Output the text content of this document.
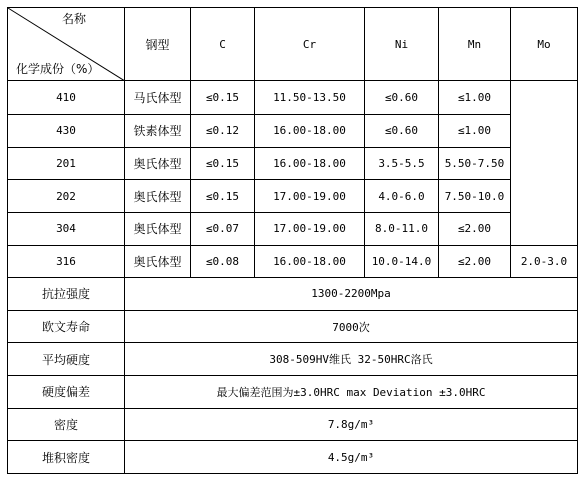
名称
化学成份（%）	钢型	C	Cr	Ni	Mn	Mo
410	马氏体型	≤0.15	11.50-13.50	≤0.60	≤1.00	
430	铁素体型	≤0.12	16.00-18.00	≤0.60	≤1.00	
201	奥氏体型	≤0.15	16.00-18.00	3.5-5.5	5.50-7.50	
202	奥氏体型	≤0.15	17.00-19.00	4.0-6.0	7.50-10.0	
304	奥氏体型	≤0.07	17.00-19.00	8.0-11.0	≤2.00	
316	奥氏体型	≤0.08	16.00-18.00	10.0-14.0	≤2.00	2.0-3.0
抗拉强度	1300-2200Mpa					
欧文寿命	7000次					
平均硬度	308-509HV维氏 32-50HRC洛氏					
硬度偏差	最大偏差范围为±3.0HRC max Deviation ±3.0HRC					
密度	7.8g/m³					
堆积密度	4.5g/m³					
